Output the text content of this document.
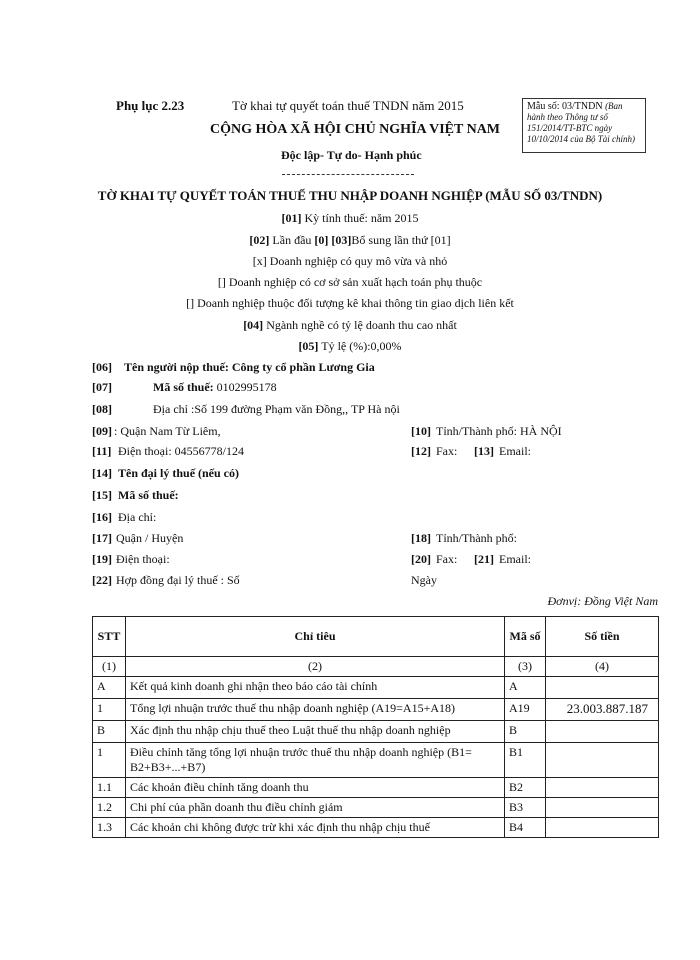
Phụ lục 2.23	Tờ khai tự quyết toán thuế TNDN năm 2015
CỘNG HÒA XÃ HỘI CHỦ NGHĨA VIỆT NAM
Độc lập- Tự do- Hạnh phúc
Mẫu số: 03/TNDN (Ban hành theo Thông tư số 151/2014/TT-BTC ngày 10/10/2014 của Bộ Tài chính)
TỜ KHAI TỰ QUYẾT TOÁN THUẾ THU NHẬP DOANH NGHIỆP (MẪU SỐ 03/TNDN)
[01] Kỳ tính thuế: năm 2015
[02] Lần đầu [0] [03]Bổ sung lần thứ [01]
[x] Doanh nghiệp có quy mô vừa và nhỏ
[] Doanh nghiệp có cơ sở sản xuất hạch toán phụ thuộc
[] Doanh nghiệp thuộc đối tượng kê khai thông tin giao dịch liên kết
[04] Ngành nghề có tỷ lệ doanh thu cao nhất
[05] Tỷ lệ (%):0,00%
[06] Tên người nộp thuế: Công ty cổ phần Lương Gia
[07]	Mã số thuế: 0102995178
[08]	Địa chỉ :Số 199 đường Phạm văn Đồng,, TP Hà nội
[09] : Quận Nam Từ Liêm,	[10] Tỉnh/Thành phố: HÀ NỘI
[11] Điện thoại: 04556778/124	[12] Fax: [13] Email:
[14] Tên đại lý thuế (nếu có)
[15] Mã số thuế:
[16] Địa chỉ:
[17] Quận / Huyện	[18] Tỉnh/Thành phố:
[19] Điện thoại:	[20] Fax: [21] Email:
[22] Hợp đồng đại lý thuế : Số	Ngày
Đơnvị: Đồng Việt Nam
STT	Chỉ tiêu	Mã số	Số tiền
(1)	(2)	(3)	(4)
A	Kết quả kinh doanh ghi nhận theo báo cáo tài chính	A	
1	Tổng lợi nhuận trước thuế thu nhập doanh nghiệp (A19=A15+A18)	A19	23.003.887.187
B	Xác định thu nhập chịu thuế theo Luật thuế thu nhập doanh nghiệp	B	
1	Điều chỉnh tăng tổng lợi nhuận trước thuế thu nhập doanh nghiệp (B1= B2+B3+...+B7)	B1	
1.1	Các khoản điều chỉnh tăng doanh thu	B2	
1.2	Chi phí của phần doanh thu điều chỉnh giảm	B3	
1.3	Các khoản chi không được trừ khi xác định thu nhập chịu thuế	B4	
